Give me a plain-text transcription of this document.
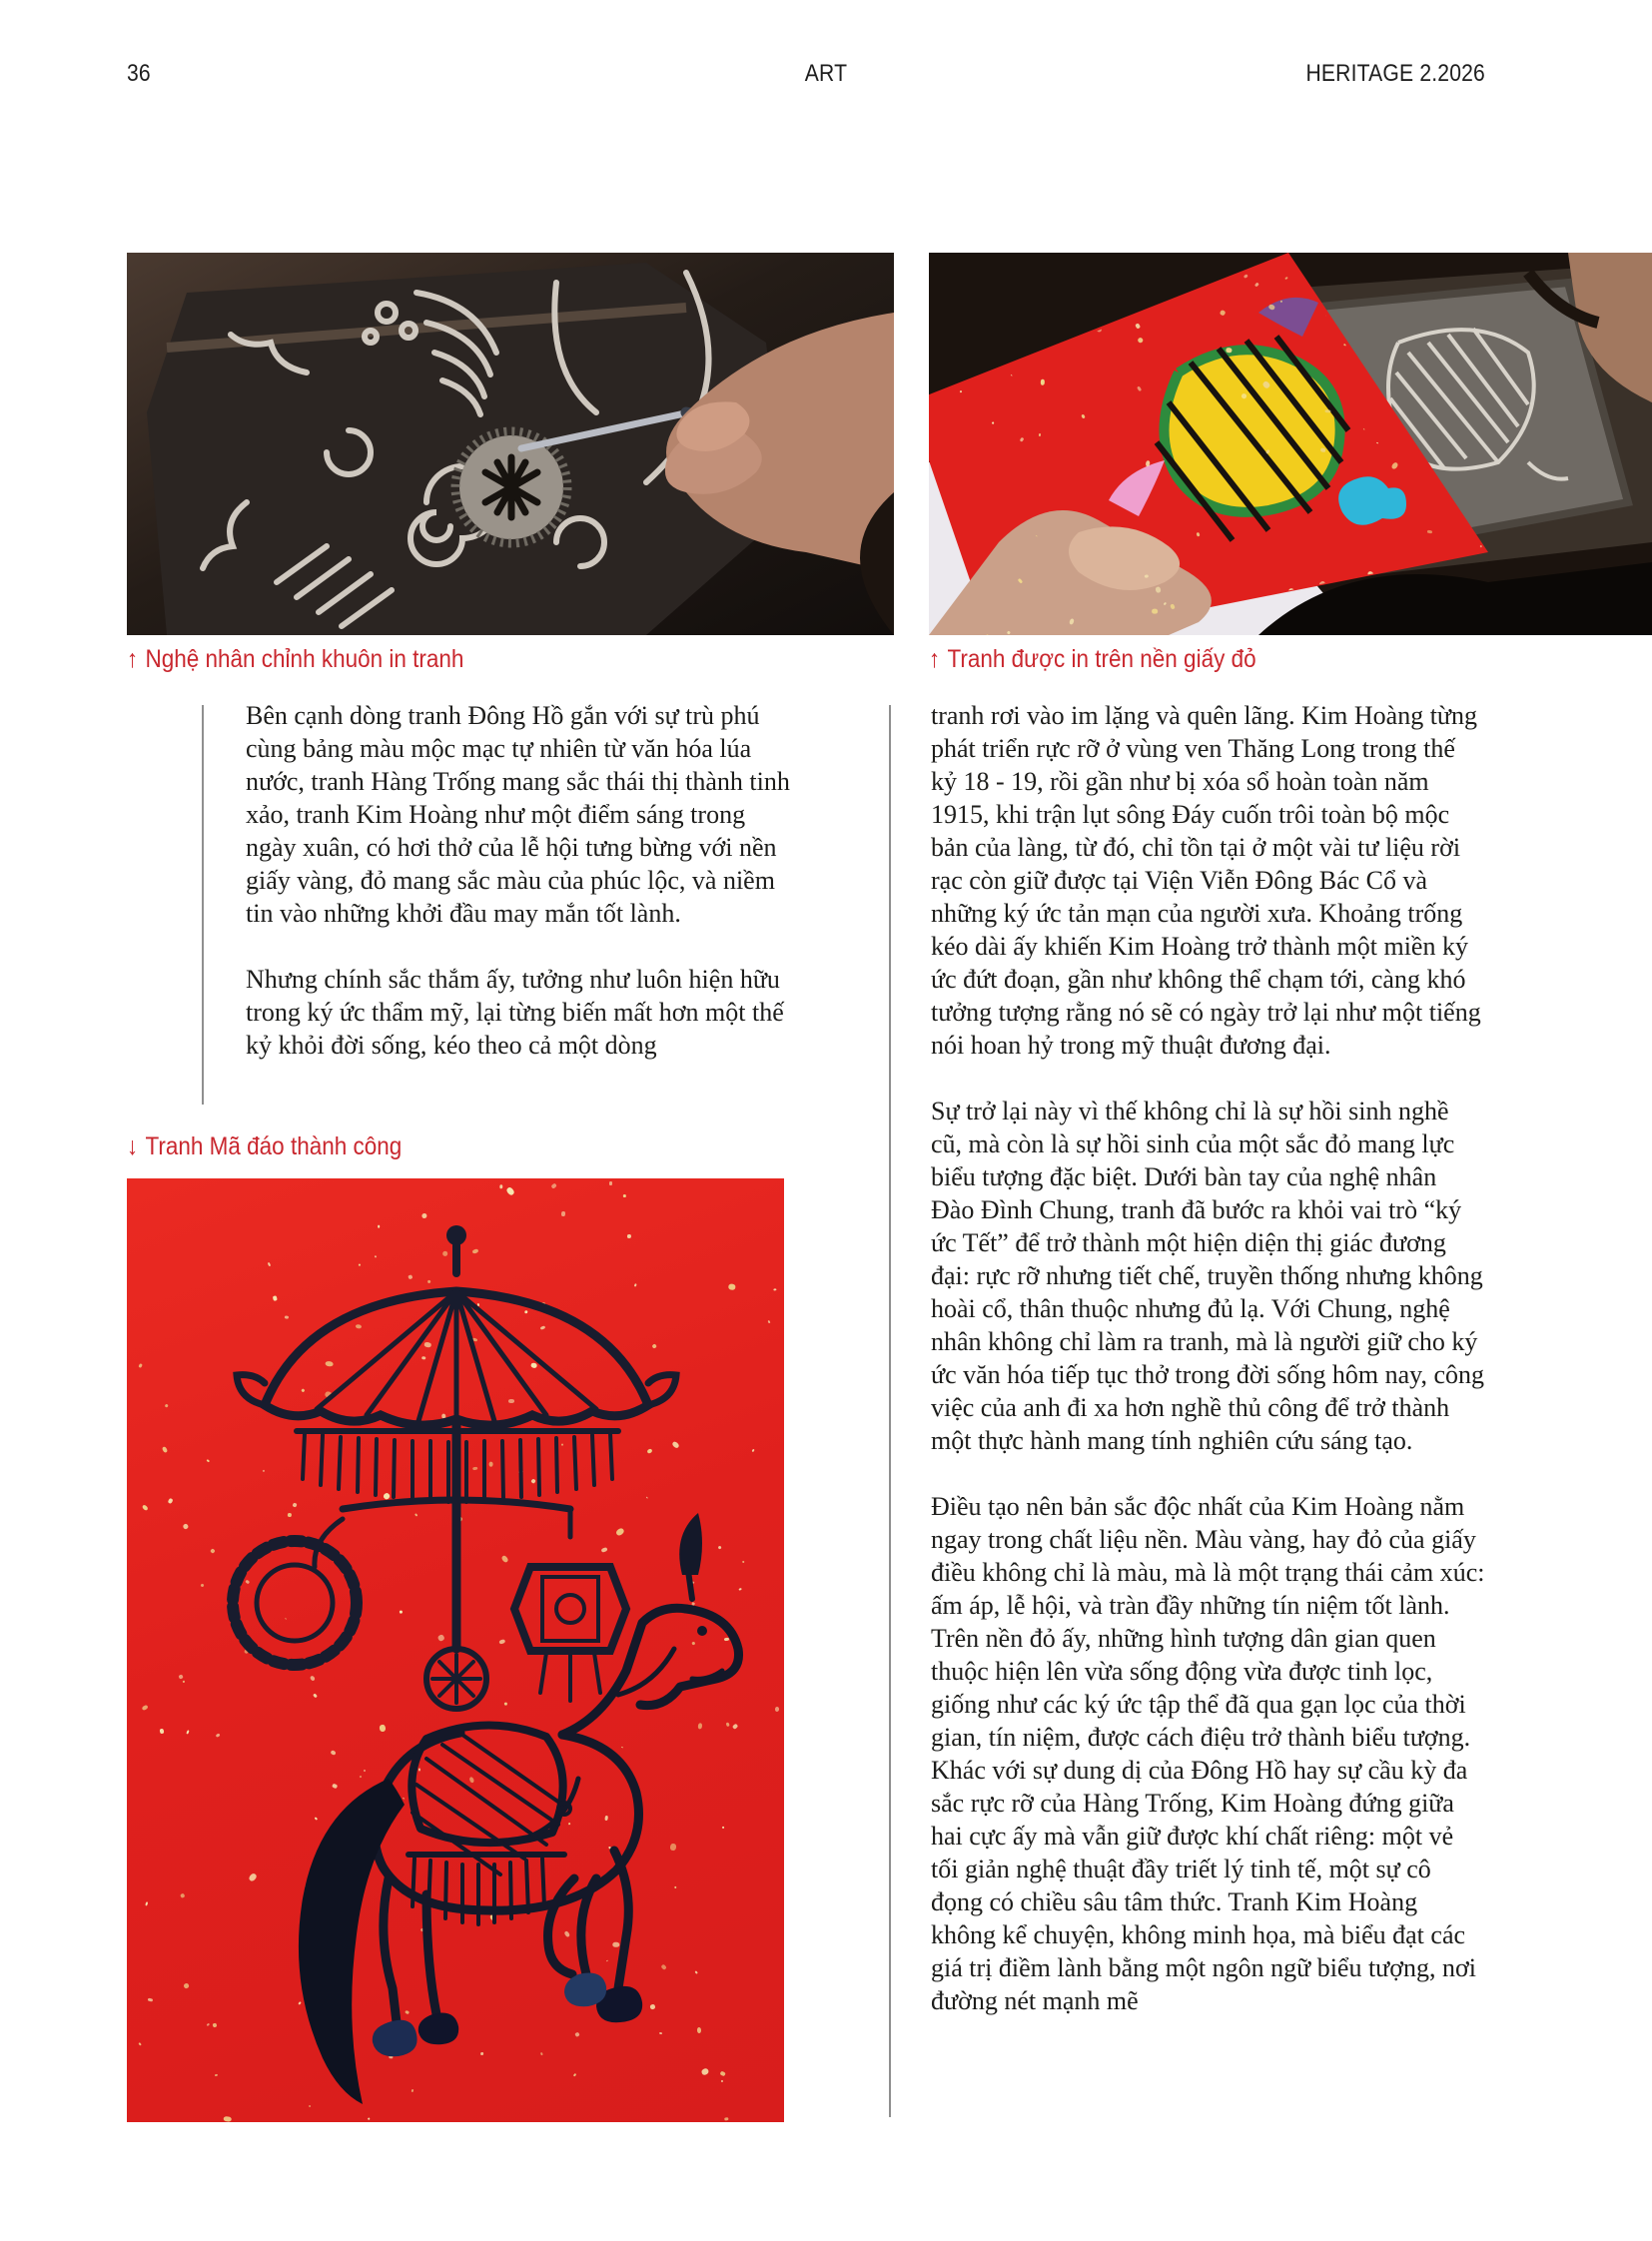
36	ART	HERITAGE 2.2026
↑ Nghệ nhân chỉnh khuôn in tranh	↑ Tranh được in trên nền giấy đỏ
↓ Tranh Mã đáo thành công

Bên cạnh dòng tranh Đông Hồ gắn với sự trù phú cùng bảng màu mộc mạc tự nhiên từ văn hóa lúa nước, tranh Hàng Trống mang sắc thái thị thành tinh xảo, tranh Kim Hoàng như một điểm sáng trong ngày xuân, có hơi thở của lễ hội tưng bừng với nền giấy vàng, đỏ mang sắc màu của phúc lộc, và niềm tin vào những khởi đầu may mắn tốt lành.

Nhưng chính sắc thắm ấy, tưởng như luôn hiện hữu trong ký ức thẩm mỹ, lại từng biến mất hơn một thế kỷ khỏi đời sống, kéo theo cả một dòng

tranh rơi vào im lặng và quên lãng. Kim Hoàng từng phát triển rực rỡ ở vùng ven Thăng Long trong thế kỷ 18 - 19, rồi gần như bị xóa sổ hoàn toàn năm 1915, khi trận lụt sông Đáy cuốn trôi toàn bộ mộc bản của làng, từ đó, chỉ tồn tại ở một vài tư liệu rời rạc còn giữ được tại Viện Viễn Đông Bác Cổ và những ký ức tản mạn của người xưa. Khoảng trống kéo dài ấy khiến Kim Hoàng trở thành một miền ký ức đứt đoạn, gần như không thể chạm tới, càng khó tưởng tượng rằng nó sẽ có ngày trở lại như một tiếng nói hoan hỷ trong mỹ thuật đương đại.

Sự trở lại này vì thế không chỉ là sự hồi sinh nghề cũ, mà còn là sự hồi sinh của một sắc đỏ mang lực biểu tượng đặc biệt. Dưới bàn tay của nghệ nhân Đào Đình Chung, tranh đã bước ra khỏi vai trò “ký ức Tết” để trở thành một hiện diện thị giác đương đại: rực rỡ nhưng tiết chế, truyền thống nhưng không hoài cổ, thân thuộc nhưng đủ lạ. Với Chung, nghệ nhân không chỉ làm ra tranh, mà là người giữ cho ký ức văn hóa tiếp tục thở trong đời sống hôm nay, công việc của anh đi xa hơn nghề thủ công để trở thành một thực hành mang tính nghiên cứu sáng tạo.

Điều tạo nên bản sắc độc nhất của Kim Hoàng nằm ngay trong chất liệu nền. Màu vàng, hay đỏ của giấy điều không chỉ là màu, mà là một trạng thái cảm xúc: ấm áp, lễ hội, và tràn đầy những tín niệm tốt lành. Trên nền đỏ ấy, những hình tượng dân gian quen thuộc hiện lên vừa sống động vừa được tinh lọc, giống như các ký ức tập thể đã qua gạn lọc của thời gian, tín niệm, được cách điệu trở thành biểu tượng. Khác với sự dung dị của Đông Hồ hay sự cầu kỳ đa sắc rực rỡ của Hàng Trống, Kim Hoàng đứng giữa hai cực ấy mà vẫn giữ được khí chất riêng: một vẻ tối giản nghệ thuật đầy triết lý tinh tế, một sự cô đọng có chiều sâu tâm thức. Tranh Kim Hoàng không kể chuyện, không minh họa, mà biểu đạt các giá trị điềm lành bằng một ngôn ngữ biểu tượng, nơi đường nét mạnh mẽ
